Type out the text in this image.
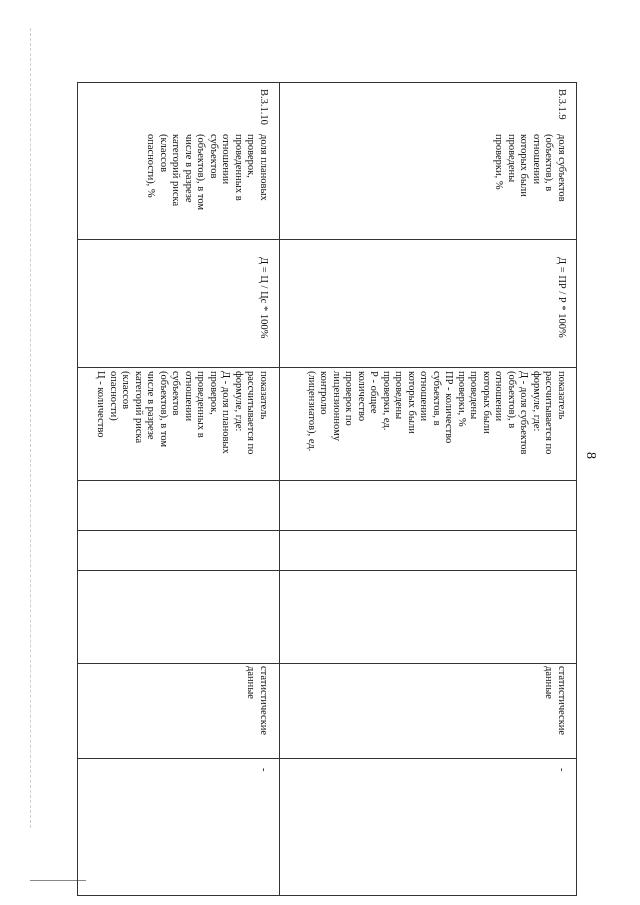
8
В.3.1.9
доля субъектов
(объектов), в
отношении
которых были
проведены
проверки, %
Д = ПР / Р * 100%
показатель
рассчитывается по
формуле, где:
Д - доля субъектов
(объектов), в
отношении
которых были
проведены
проверки, %
ПР - количество
субъектов, в
отношении
которых были
проведены
проверки, ед.
Р - общее
количество
проверок по
лицензионному
контролю
(лицензиатов), ед.
статистические
данные
-
В.3.1.10
доля плановых
проверок,
проведенных в
отношении
субъектов
(объектов), в том
числе в разрезе
категорий риска
(классов
опасности), %
Д = Ц / Цс * 100%
показатель
рассчитывается по
формуле, где:
Д - доля плановых
проверок,
проведенных в
отношении
субъектов
(объектов), в том
числе в разрезе
категорий риска
(классов
опасности)
Ц - количество
статистические
данные
-
